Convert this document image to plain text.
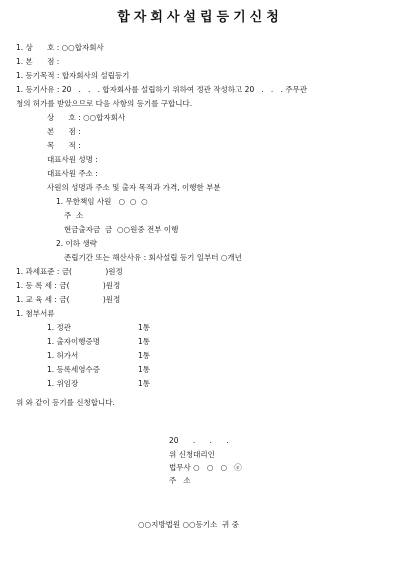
합자회사설립등기신청
1. 상      호 : ○○합자회사
1. 본      점 :
1. 등기목적 : 합자회사의 설립등기
1. 등기사유 : 20   .   .   . 합자회사를 설립하기 위하여 정관 작성하고 20   .   .   . 주무관
청의 허가를 받았으므로 다음 사항의 등기를 구합니다.
상      호 : ○○합자회사
본      점 :
목      적 :
대표사원 성명 :
대표사원 주소 :
사원의 성명과 주소 및 출자 목적과 가격, 이행한 부분
1. 무한책임 사원   ○  ○  ○
주  소
현금출자금  금  ○○원중 전부 이행
2. 이하 생략
존립기간 또는 해산사유 : 회사설립 등기 일부터 ○개년
1. 과세표준 : 금(              )원정
1. 등 록 세 : 금(              )원정
1. 교 육 세 : 금(              )원정
1. 첨부서류
1. 정관	1통
1. 출자이행증명	1통
1. 허가서	1통
1. 등록세영수증	1통
1. 위임장	1통
위 와 같이 등기를 신청합니다.
20      .      .      .
위 신청대리인
법무사 ○   ○   ○   ⓔ
주   소
○○지방법원 ○○등기소  귀 중
